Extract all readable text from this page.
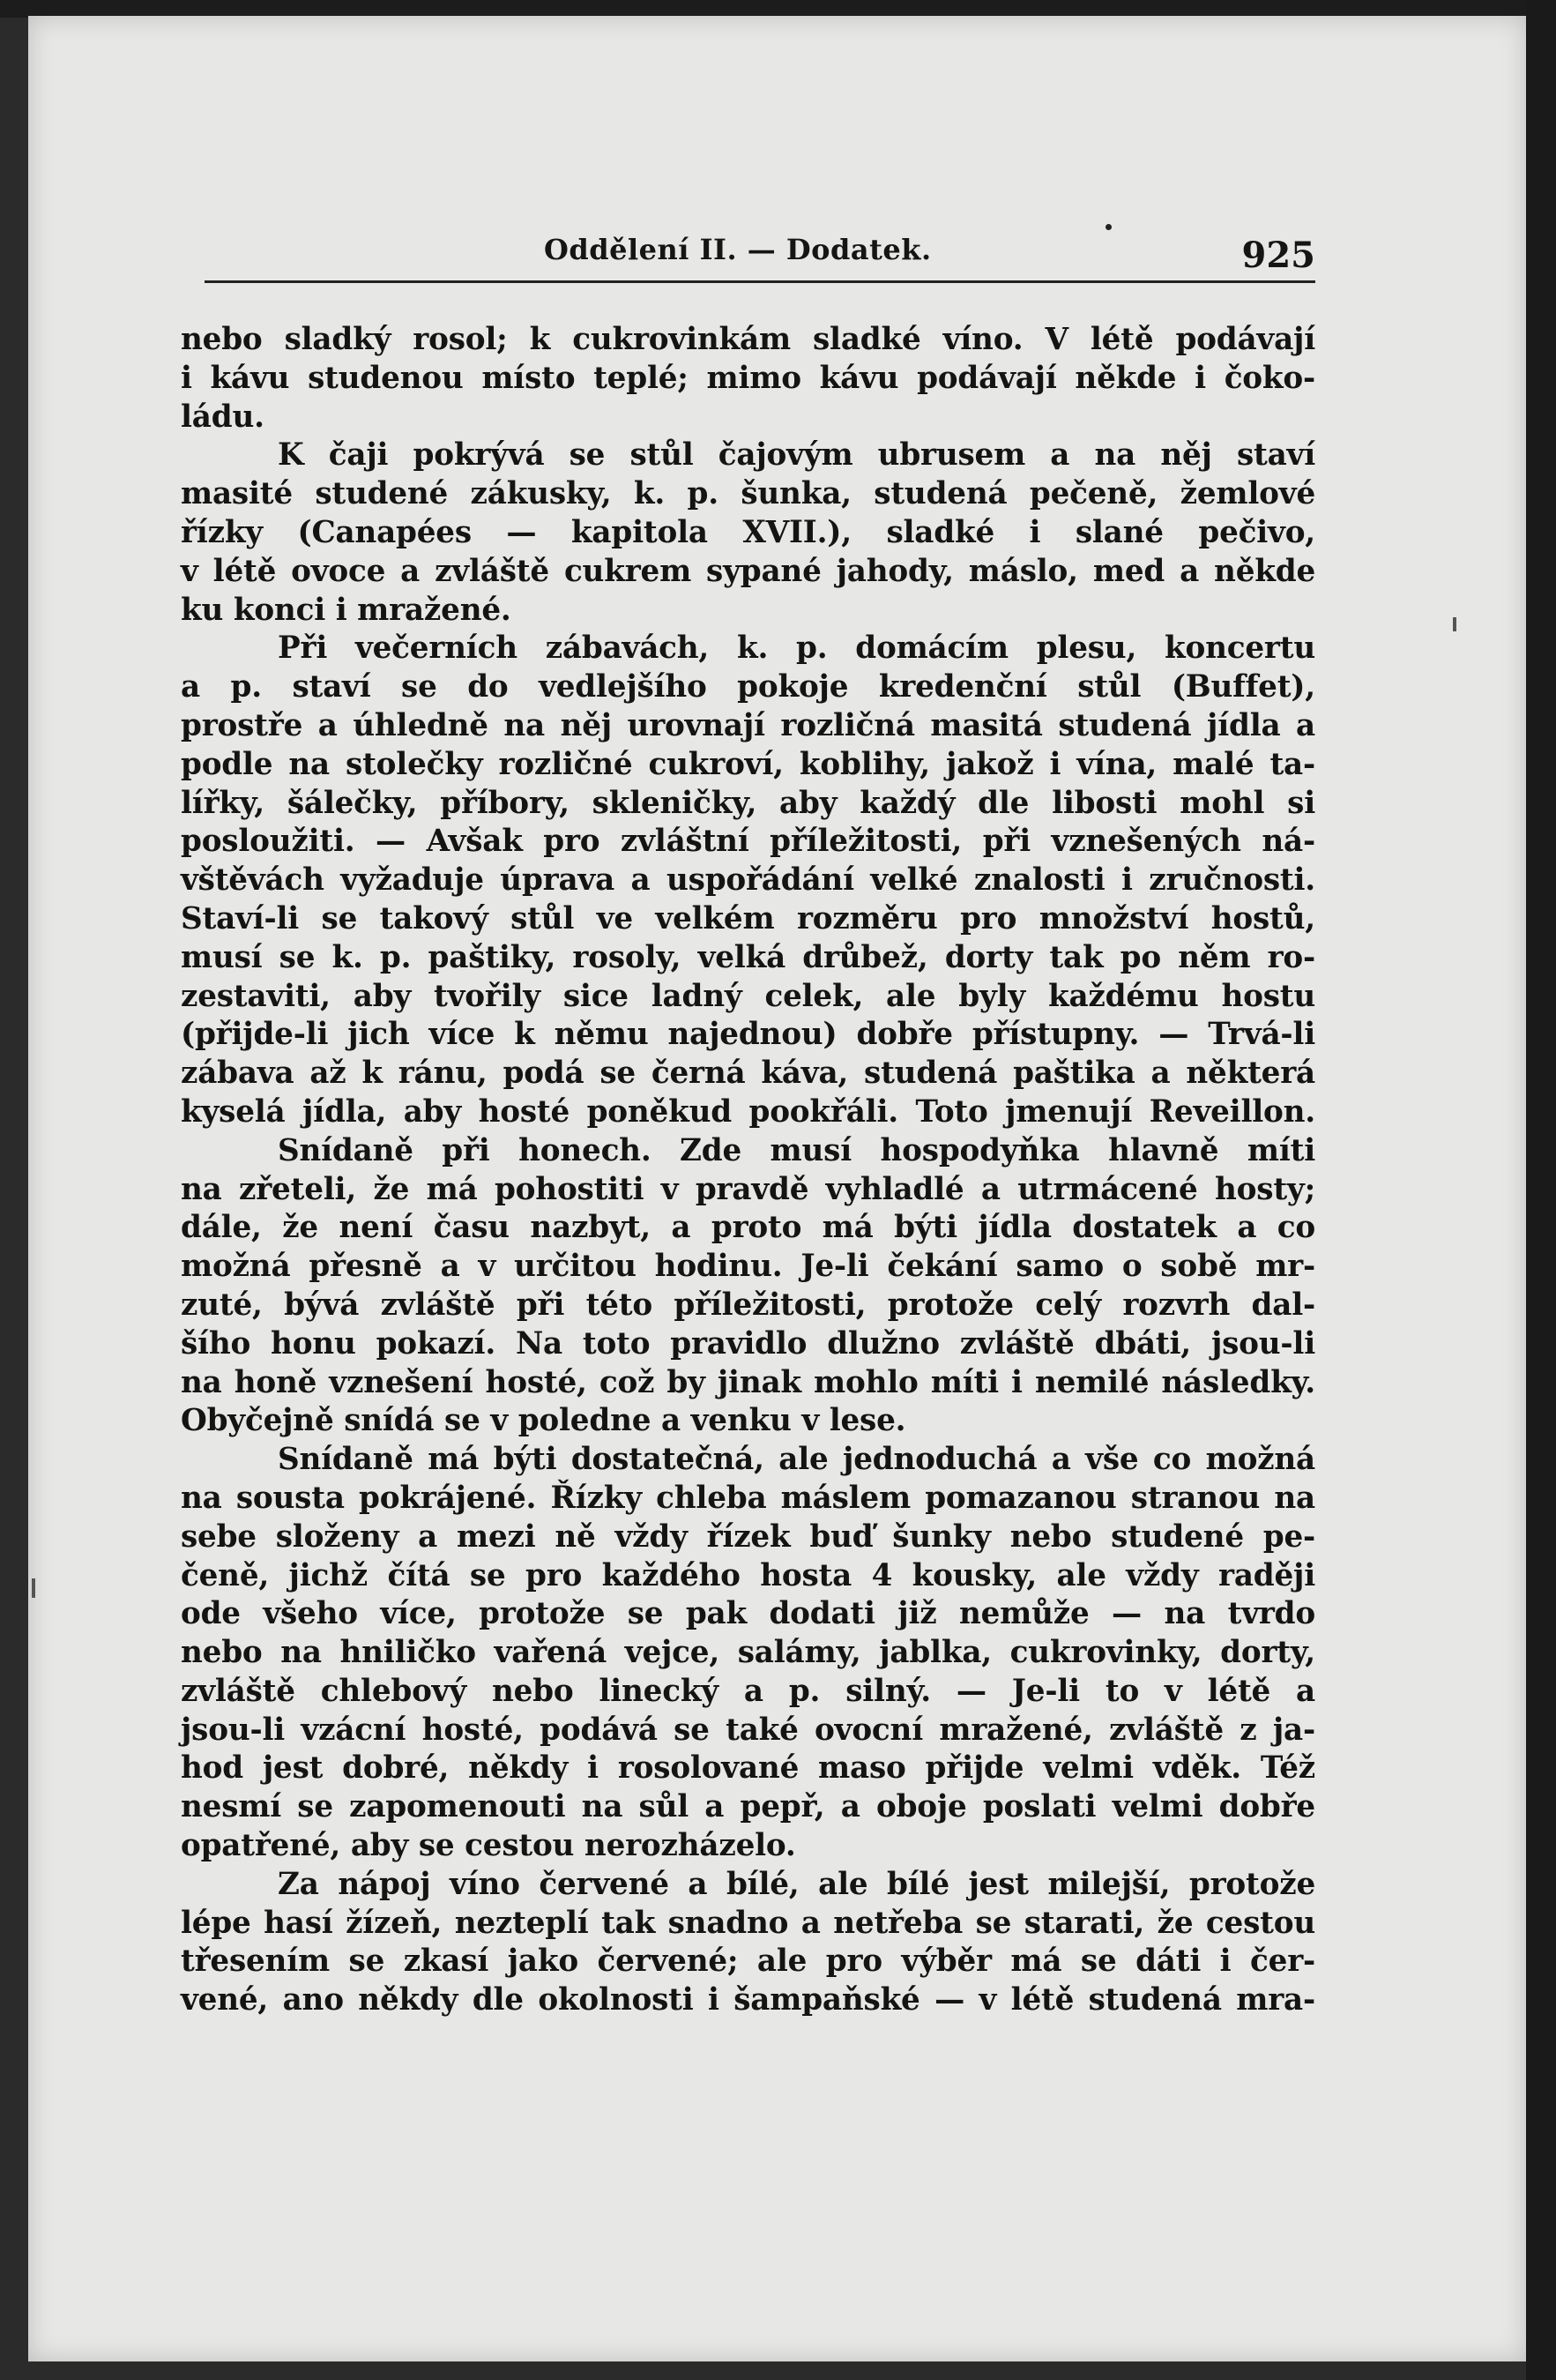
Oddělení II. — Dodatek.	925
nebo sladký rosol; k cukrovinkám sladké víno. V létě podávají
i kávu studenou místo teplé; mimo kávu podávají někde i čoko-
ládu.
K čaji pokrývá se stůl čajovým ubrusem a na něj staví
masité studené zákusky, k. p. šunka, studená pečeně, žemlové
řízky (Canapées — kapitola XVII.), sladké i slané pečivo,
v létě ovoce a zvláště cukrem sypané jahody, máslo, med a někde
ku konci i mražené.
Při večerních zábavách, k. p. domácím plesu, koncertu
a p. staví se do vedlejšího pokoje kredenční stůl (Buffet),
prostře a úhledně na něj urovnají rozličná masitá studená jídla a
podle na stolečky rozličné cukroví, koblihy, jakož i vína, malé ta-
lířky, šálečky, příbory, skleničky, aby každý dle libosti mohl si
posloužiti. — Avšak pro zvláštní příležitosti, při vznešených ná-
vštěvách vyžaduje úprava a uspořádání velké znalosti i zručnosti.
Staví-li se takový stůl ve velkém rozměru pro množství hostů,
musí se k. p. paštiky, rosoly, velká drůbež, dorty tak po něm ro-
zestaviti, aby tvořily sice ladný celek, ale byly každému hostu
(přijde-li jich více k němu najednou) dobře přístupny. — Trvá-li
zábava až k ránu, podá se černá káva, studená paštika a některá
kyselá jídla, aby hosté poněkud pookřáli. Toto jmenují Reveillon.
Snídaně při honech. Zde musí hospodyňka hlavně míti
na zřeteli, že má pohostiti v pravdě vyhladlé a utrmácené hosty;
dále, že není času nazbyt, a proto má býti jídla dostatek a co
možná přesně a v určitou hodinu. Je-li čekání samo o sobě mr-
zuté, bývá zvláště při této příležitosti, protože celý rozvrh dal-
šího honu pokazí. Na toto pravidlo dlužno zvláště dbáti, jsou-li
na honě vznešení hosté, což by jinak mohlo míti i nemilé následky.
Obyčejně snídá se v poledne a venku v lese.
Snídaně má býti dostatečná, ale jednoduchá a vše co možná
na sousta pokrájené. Řízky chleba máslem pomazanou stranou na
sebe složeny a mezi ně vždy řízek buď šunky nebo studené pe-
čeně, jichž čítá se pro každého hosta 4 kousky, ale vždy raději
ode všeho více, protože se pak dodati již nemůže — na tvrdo
nebo na hniličko vařená vejce, salámy, jablka, cukrovinky, dorty,
zvláště chlebový nebo linecký a p. silný. — Je-li to v létě a
jsou-li vzácní hosté, podává se také ovocní mražené, zvláště z ja-
hod jest dobré, někdy i rosolované maso přijde velmi vděk. Též
nesmí se zapomenouti na sůl a pepř, a oboje poslati velmi dobře
opatřené, aby se cestou nerozházelo.
Za nápoj víno červené a bílé, ale bílé jest milejší, protože
lépe hasí žízeň, nezteplí tak snadno a netřeba se starati, že cestou
třesením se zkasí jako červené; ale pro výběr má se dáti i čer-
vené, ano někdy dle okolnosti i šampaňské — v létě studená mra-
